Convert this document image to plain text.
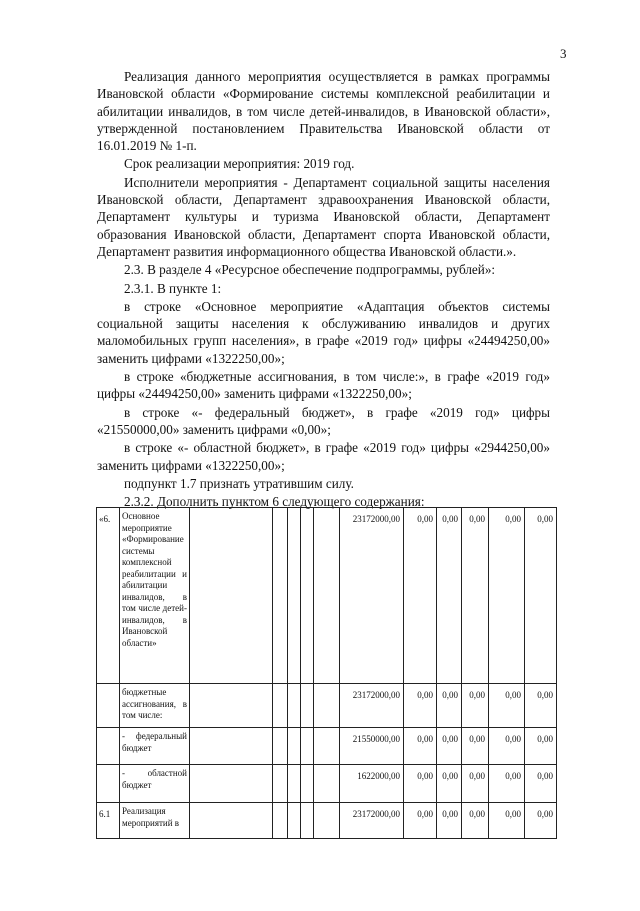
3

Реализация данного мероприятия осуществляется в рамках программы Ивановской области «Формирование системы комплексной реабилитации и абилитации инвалидов, в том числе детей-инвалидов, в Ивановской области», утвержденной постановлением Правительства Ивановской области от 16.01.2019 № 1-п.

Срок реализации мероприятия: 2019 год.

Исполнители мероприятия - Департамент социальной защиты населения Ивановской области, Департамент здравоохранения Ивановской области, Департамент культуры и туризма Ивановской области, Департамент образования Ивановской области, Департамент спорта Ивановской области, Департамент развития информационного общества Ивановской области.».

2.3. В разделе 4 «Ресурсное обеспечение подпрограммы, рублей»:

2.3.1. В пункте 1:

в строке «Основное мероприятие «Адаптация объектов системы социальной защиты населения к обслуживанию инвалидов и других маломобильных групп населения», в графе «2019 год» цифры «24494250,00» заменить цифрами «1322250,00»;

в строке «бюджетные ассигнования, в том числе:», в графе «2019 год» цифры «24494250,00» заменить цифрами «1322250,00»;

в строке «- федеральный бюджет», в графе «2019 год» цифры «21550000,00» заменить цифрами «0,00»;

в строке «- областной бюджет», в графе «2019 год» цифры «2944250,00» заменить цифрами «1322250,00»;

подпункт 1.7 признать утратившим силу.

2.3.2. Дополнить пунктом 6 следующего содержания:

«6.	Основное мероприятие «Формирование системы комплексной реабилитации и абилитации инвалидов, в том числе детей-инвалидов, в Ивановской области»						23172000,00	0,00	0,00	0,00	0,00	0,00
	бюджетные ассигнования, в том числе:						23172000,00	0,00	0,00	0,00	0,00	0,00
	- федеральный бюджет						21550000,00	0,00	0,00	0,00	0,00	0,00
	- областной бюджет						1622000,00	0,00	0,00	0,00	0,00	0,00
6.1	Реализация мероприятий в						23172000,00	0,00	0,00	0,00	0,00	0,00
